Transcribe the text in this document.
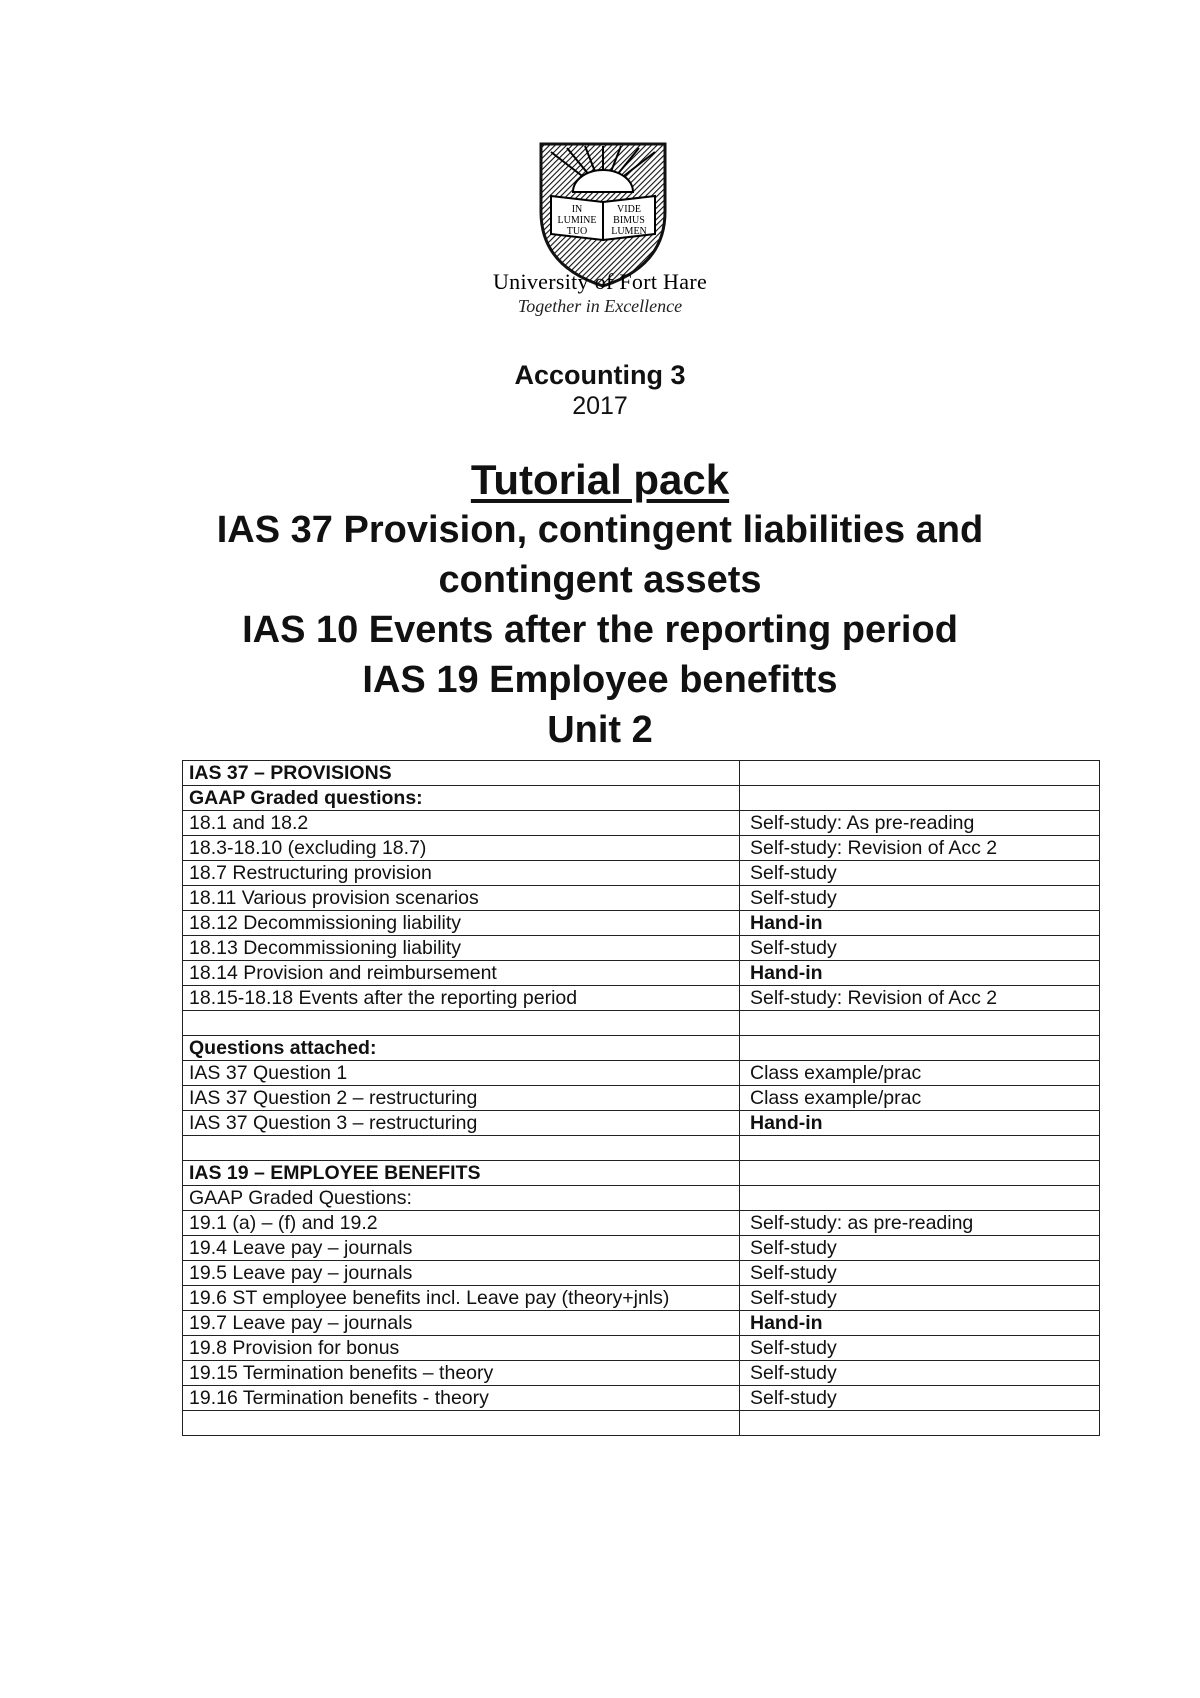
IN
LUMINE
TUO
VIDE
BIMUS
LUMEN
University of Fort Hare
Together in Excellence
Accounting 3
2017
Tutorial pack
IAS 37 Provision, contingent liabilities and
contingent assets
IAS 10 Events after the reporting period
IAS 19 Employee benefitts
Unit 2
IAS 37 – PROVISIONS	
GAAP Graded questions:	
18.1 and 18.2	Self-study: As pre-reading
18.3-18.10 (excluding 18.7)	Self-study: Revision of Acc 2
18.7 Restructuring provision	Self-study
18.11 Various provision scenarios	Self-study
18.12 Decommissioning liability	Hand-in
18.13 Decommissioning liability	Self-study
18.14 Provision and reimbursement	Hand-in
18.15-18.18 Events after the reporting period	Self-study: Revision of Acc 2

Questions attached:	
IAS 37 Question 1	Class example/prac
IAS 37 Question 2 – restructuring	Class example/prac
IAS 37 Question 3 – restructuring	Hand-in

IAS 19 – EMPLOYEE BENEFITS	
GAAP Graded Questions:	
19.1 (a) – (f) and 19.2	Self-study: as pre-reading
19.4 Leave pay – journals	Self-study
19.5 Leave pay – journals	Self-study
19.6 ST employee benefits incl. Leave pay (theory+jnls)	Self-study
19.7 Leave pay – journals	Hand-in
19.8 Provision for bonus	Self-study
19.15 Termination benefits – theory	Self-study
19.16 Termination benefits - theory	Self-study
